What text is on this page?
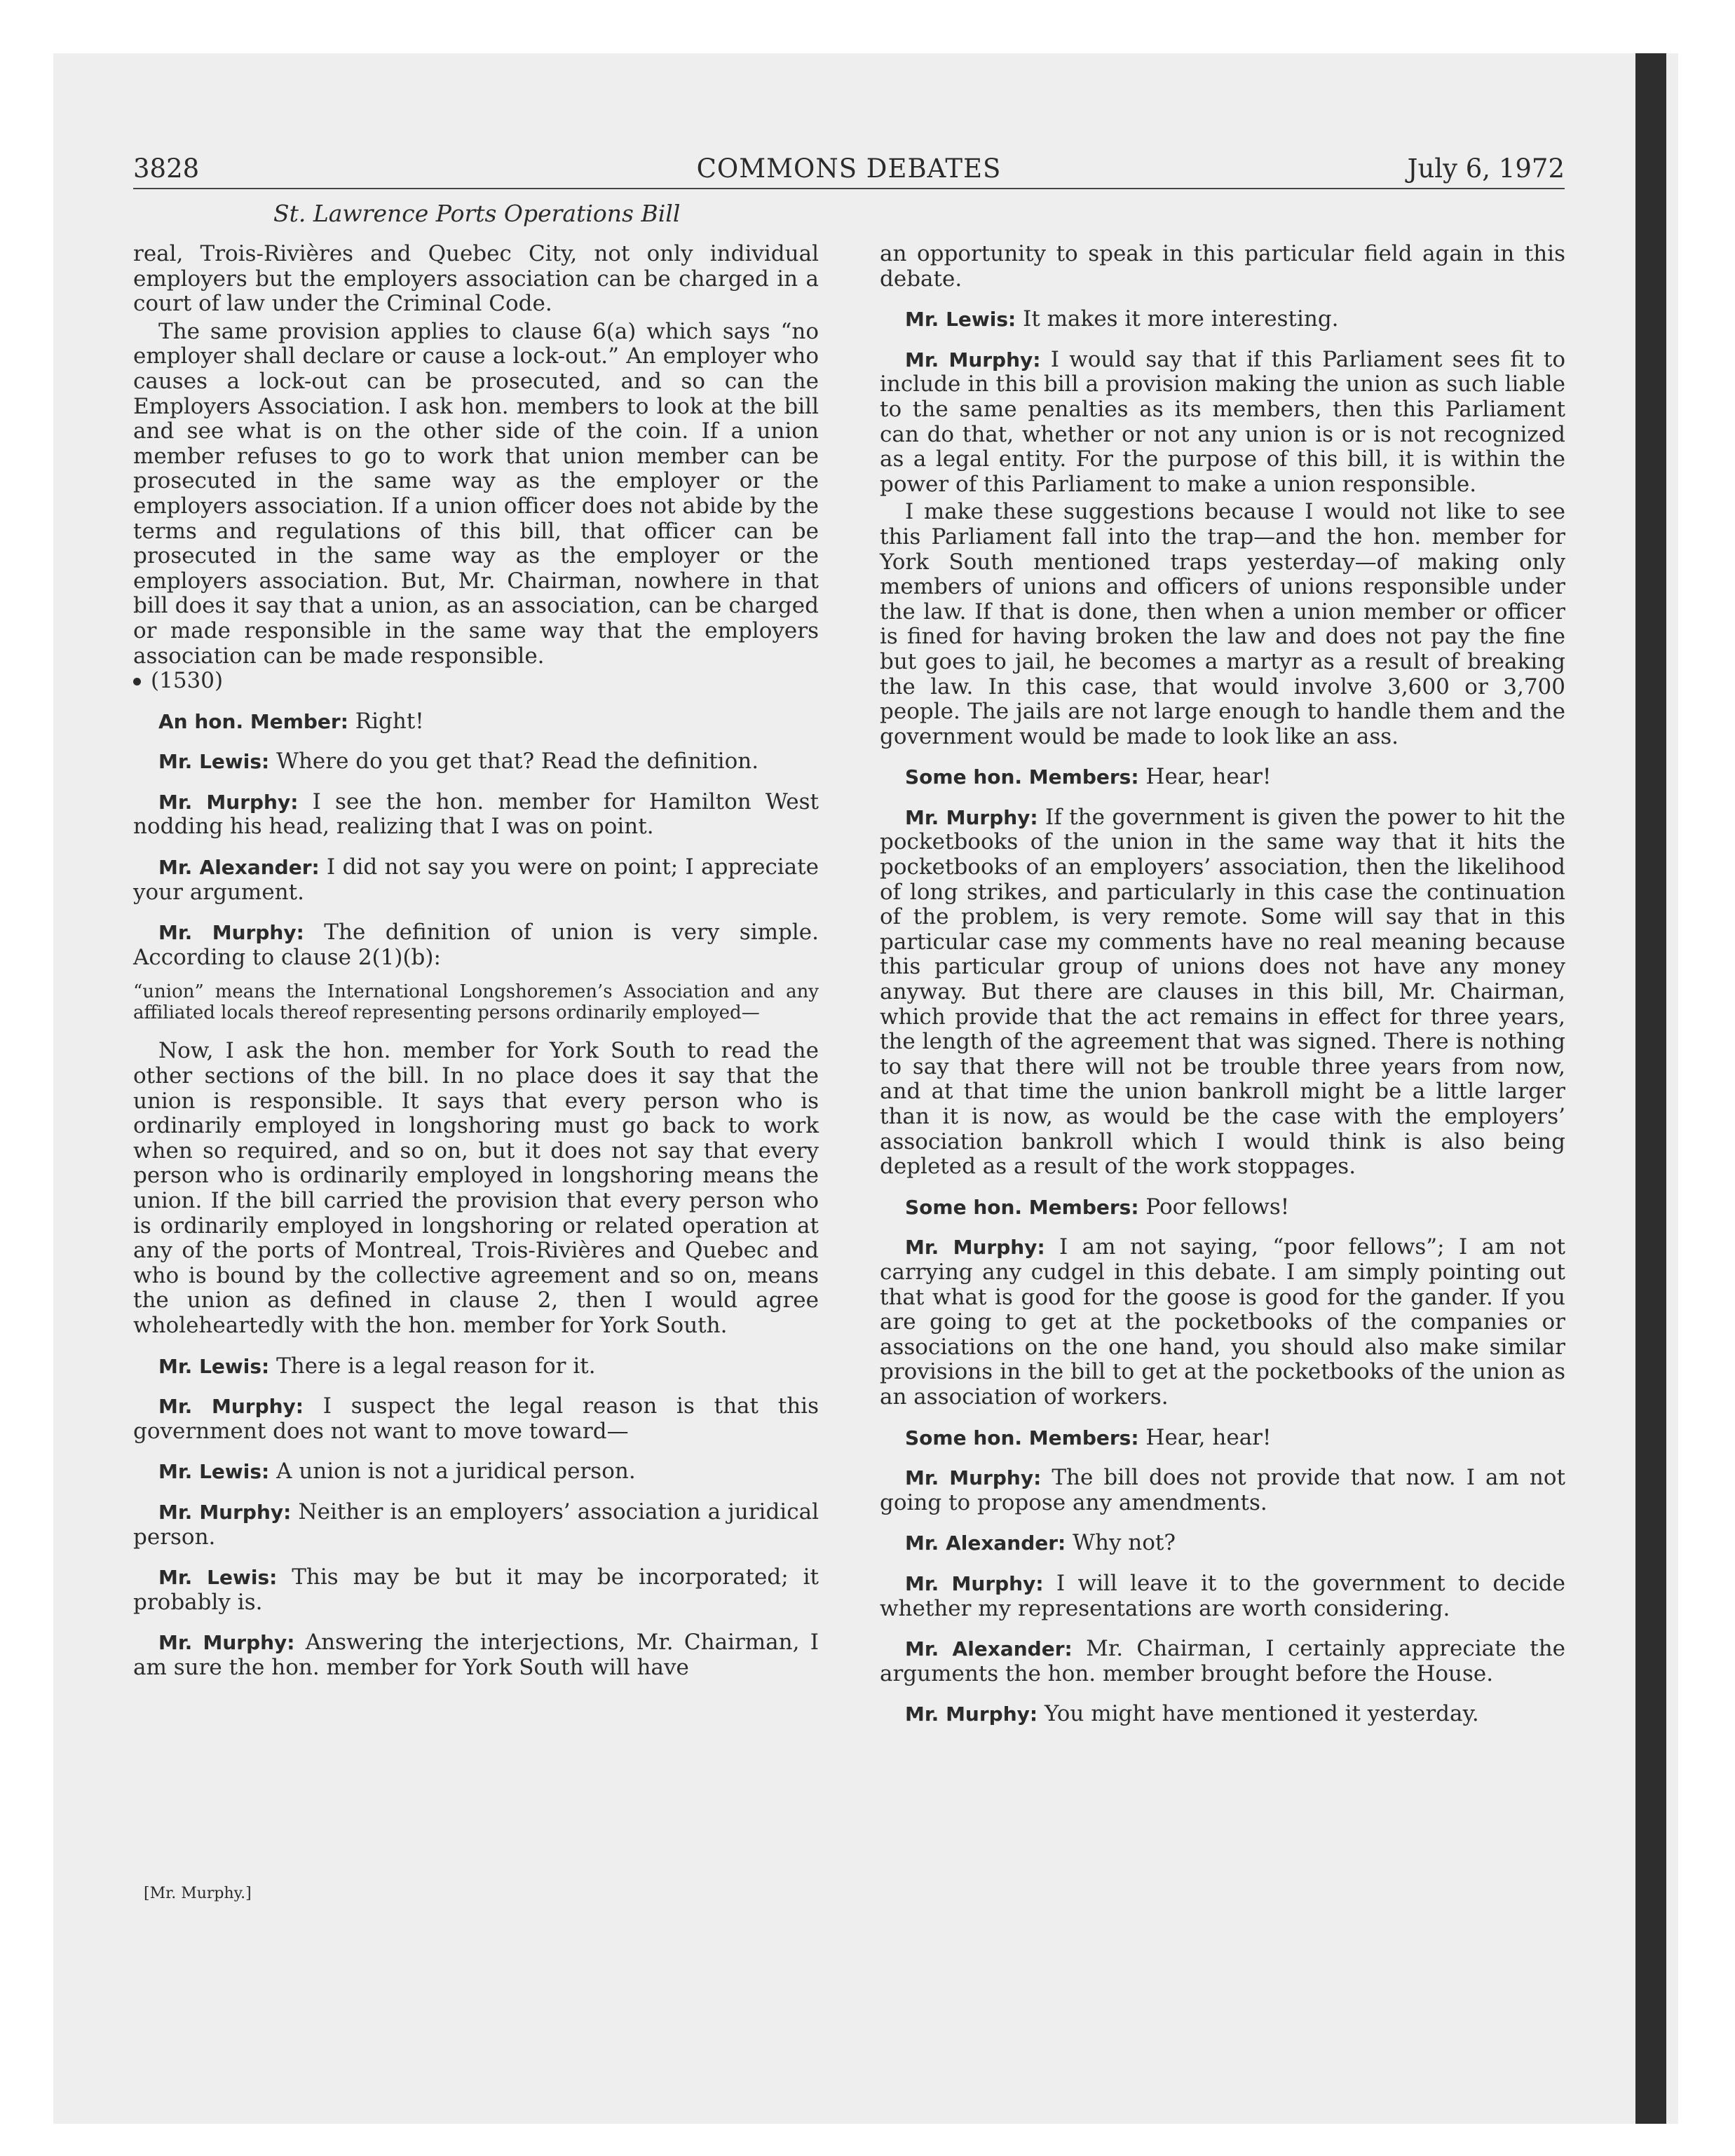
3828	COMMONS DEBATES	July 6, 1972
St. Lawrence Ports Operations Bill

real, Trois-Rivières and Quebec City, not only individual employers but the employers association can be charged in a court of law under the Criminal Code.

The same provision applies to clause 6(a) which says “no employer shall declare or cause a lock-out.” An employer who causes a lock-out can be prosecuted, and so can the Employers Association. I ask hon. members to look at the bill and see what is on the other side of the coin. If a union member refuses to go to work that union member can be prosecuted in the same way as the employer or the employers association. If a union officer does not abide by the terms and regulations of this bill, that officer can be prosecuted in the same way as the employer or the employers association. But, Mr. Chairman, nowhere in that bill does it say that a union, as an association, can be charged or made responsible in the same way that the employers association can be made responsible.

(1530)

An hon. Member: Right!

Mr. Lewis: Where do you get that? Read the definition.

Mr. Murphy: I see the hon. member for Hamilton West nodding his head, realizing that I was on point.

Mr. Alexander: I did not say you were on point; I appreciate your argument.

Mr. Murphy: The definition of union is very simple. According to clause 2(1)(b):

“union” means the International Longshoremen’s Association and any affiliated locals thereof representing persons ordinarily employed—

Now, I ask the hon. member for York South to read the other sections of the bill. In no place does it say that the union is responsible. It says that every person who is ordinarily employed in longshoring must go back to work when so required, and so on, but it does not say that every person who is ordinarily employed in longshoring means the union. If the bill carried the provision that every person who is ordinarily employed in longshoring or related operation at any of the ports of Montreal, Trois-Rivières and Quebec and who is bound by the collective agreement and so on, means the union as defined in clause 2, then I would agree wholeheartedly with the hon. member for York South.

Mr. Lewis: There is a legal reason for it.

Mr. Murphy: I suspect the legal reason is that this government does not want to move toward—

Mr. Lewis: A union is not a juridical person.

Mr. Murphy: Neither is an employers’ association a juridical person.

Mr. Lewis: This may be but it may be incorporated; it probably is.

Mr. Murphy: Answering the interjections, Mr. Chairman, I am sure the hon. member for York South will have

an opportunity to speak in this particular field again in this debate.

Mr. Lewis: It makes it more interesting.

Mr. Murphy: I would say that if this Parliament sees fit to include in this bill a provision making the union as such liable to the same penalties as its members, then this Parliament can do that, whether or not any union is or is not recognized as a legal entity. For the purpose of this bill, it is within the power of this Parliament to make a union responsible.

I make these suggestions because I would not like to see this Parliament fall into the trap—and the hon. member for York South mentioned traps yesterday—of making only members of unions and officers of unions responsible under the law. If that is done, then when a union member or officer is fined for having broken the law and does not pay the fine but goes to jail, he becomes a martyr as a result of breaking the law. In this case, that would involve 3,600 or 3,700 people. The jails are not large enough to handle them and the government would be made to look like an ass.

Some hon. Members: Hear, hear!

Mr. Murphy: If the government is given the power to hit the pocketbooks of the union in the same way that it hits the pocketbooks of an employers’ association, then the likelihood of long strikes, and particularly in this case the continuation of the problem, is very remote. Some will say that in this particular case my comments have no real meaning because this particular group of unions does not have any money anyway. But there are clauses in this bill, Mr. Chairman, which provide that the act remains in effect for three years, the length of the agreement that was signed. There is nothing to say that there will not be trouble three years from now, and at that time the union bankroll might be a little larger than it is now, as would be the case with the employers’ association bankroll which I would think is also being depleted as a result of the work stoppages.

Some hon. Members: Poor fellows!

Mr. Murphy: I am not saying, “poor fellows”; I am not carrying any cudgel in this debate. I am simply pointing out that what is good for the goose is good for the gander. If you are going to get at the pocketbooks of the companies or associations on the one hand, you should also make similar provisions in the bill to get at the pocketbooks of the union as an association of workers.

Some hon. Members: Hear, hear!

Mr. Murphy: The bill does not provide that now. I am not going to propose any amendments.

Mr. Alexander: Why not?

Mr. Murphy: I will leave it to the government to decide whether my representations are worth considering.

Mr. Alexander: Mr. Chairman, I certainly appreciate the arguments the hon. member brought before the House.

Mr. Murphy: You might have mentioned it yesterday.

[Mr. Murphy.]
